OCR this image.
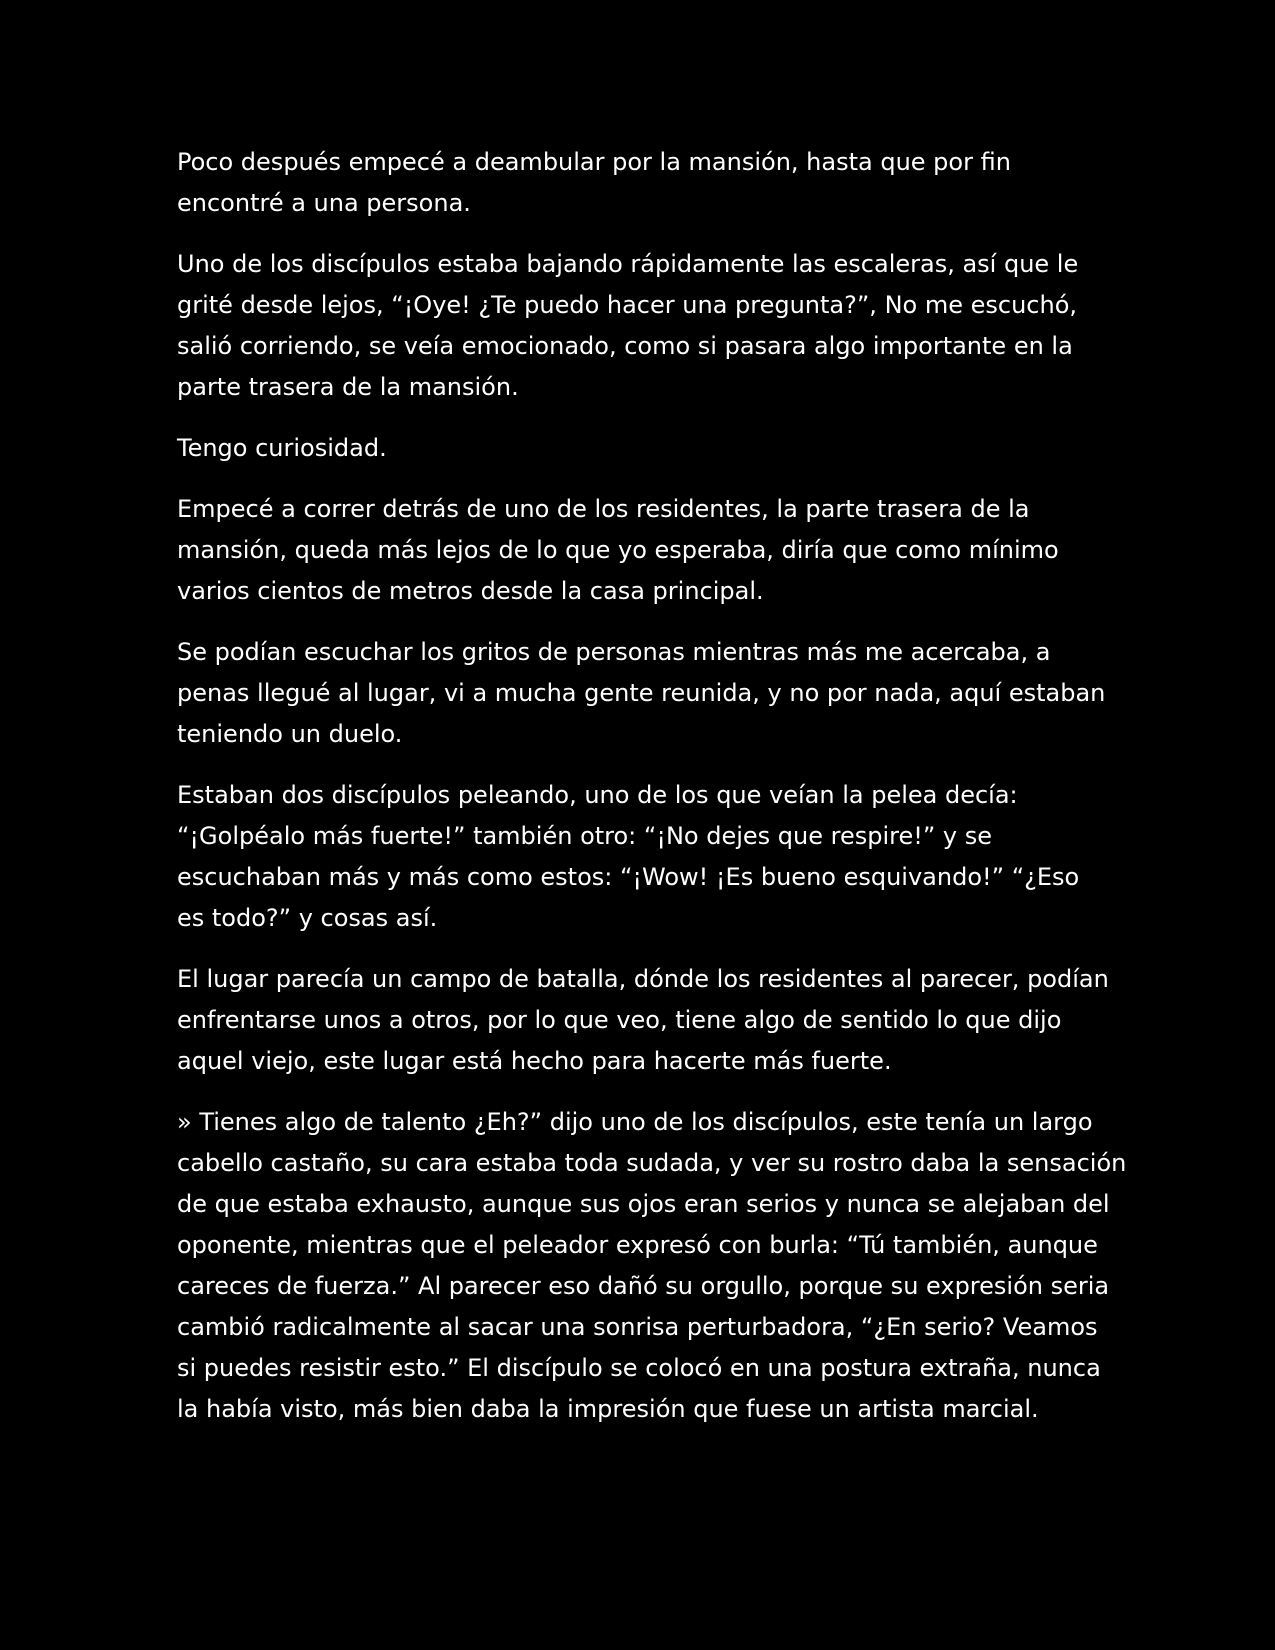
Poco después empecé a deambular por la mansión, hasta que por fin
encontré a una persona.

Uno de los discípulos estaba bajando rápidamente las escaleras, así que le
grité desde lejos, “¡Oye! ¿Te puedo hacer una pregunta?”, No me escuchó,
salió corriendo, se veía emocionado, como si pasara algo importante en la
parte trasera de la mansión.

Tengo curiosidad.

Empecé a correr detrás de uno de los residentes, la parte trasera de la
mansión, queda más lejos de lo que yo esperaba, diría que como mínimo
varios cientos de metros desde la casa principal.

Se podían escuchar los gritos de personas mientras más me acercaba, a
penas llegué al lugar, vi a mucha gente reunida, y no por nada, aquí estaban
teniendo un duelo.

Estaban dos discípulos peleando, uno de los que veían la pelea decía:
“¡Golpéalo más fuerte!” también otro: “¡No dejes que respire!” y se
escuchaban más y más como estos: “¡Wow! ¡Es bueno esquivando!” “¿Eso
es todo?” y cosas así.

El lugar parecía un campo de batalla, dónde los residentes al parecer, podían
enfrentarse unos a otros, por lo que veo, tiene algo de sentido lo que dijo
aquel viejo, este lugar está hecho para hacerte más fuerte.

» Tienes algo de talento ¿Eh?” dijo uno de los discípulos, este tenía un largo
cabello castaño, su cara estaba toda sudada, y ver su rostro daba la sensación
de que estaba exhausto, aunque sus ojos eran serios y nunca se alejaban del
oponente, mientras que el peleador expresó con burla: “Tú también, aunque
careces de fuerza.” Al parecer eso dañó su orgullo, porque su expresión seria
cambió radicalmente al sacar una sonrisa perturbadora, “¿En serio? Veamos
si puedes resistir esto.” El discípulo se colocó en una postura extraña, nunca
la había visto, más bien daba la impresión que fuese un artista marcial.
